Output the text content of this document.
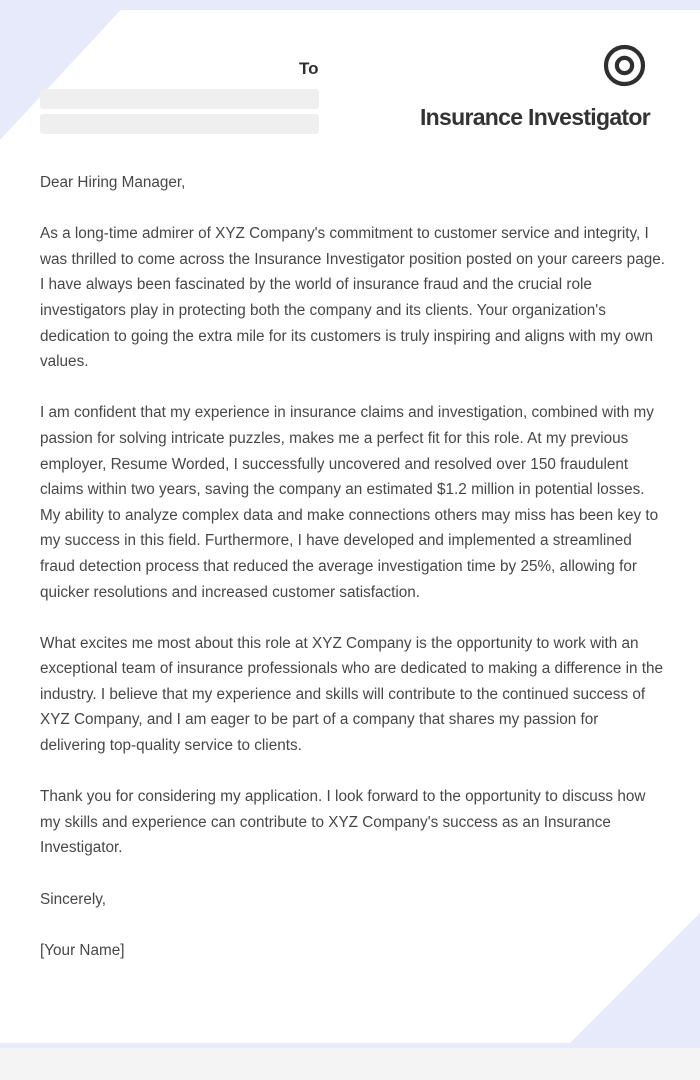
To
Insurance Investigator

Dear Hiring Manager,

As a long-time admirer of XYZ Company's commitment to customer service and integrity, I was thrilled to come across the Insurance Investigator position posted on your careers page. I have always been fascinated by the world of insurance fraud and the crucial role investigators play in protecting both the company and its clients. Your organization's dedication to going the extra mile for its customers is truly inspiring and aligns with my own values.

I am confident that my experience in insurance claims and investigation, combined with my passion for solving intricate puzzles, makes me a perfect fit for this role. At my previous employer, Resume Worded, I successfully uncovered and resolved over 150 fraudulent claims within two years, saving the company an estimated $1.2 million in potential losses. My ability to analyze complex data and make connections others may miss has been key to my success in this field. Furthermore, I have developed and implemented a streamlined fraud detection process that reduced the average investigation time by 25%, allowing for quicker resolutions and increased customer satisfaction.

What excites me most about this role at XYZ Company is the opportunity to work with an exceptional team of insurance professionals who are dedicated to making a difference in the industry. I believe that my experience and skills will contribute to the continued success of XYZ Company, and I am eager to be part of a company that shares my passion for delivering top-quality service to clients.

Thank you for considering my application. I look forward to the opportunity to discuss how my skills and experience can contribute to XYZ Company's success as an Insurance Investigator.

Sincerely,

[Your Name]
